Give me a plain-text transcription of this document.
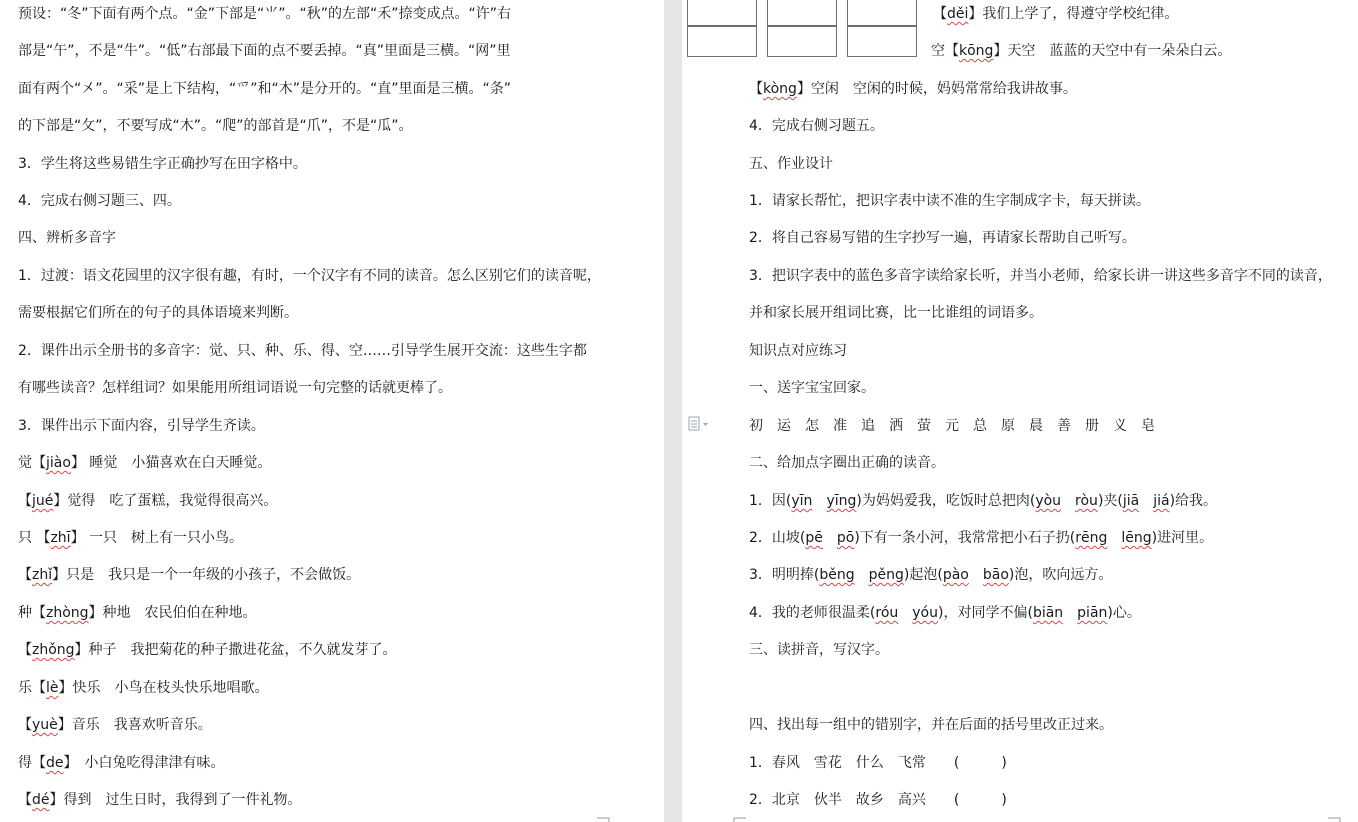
预设：“冬”下面有两个点。“金”下部是“⺌”。“秋”的左部“禾”捺变成点。“许”右
部是“午”，不是“牛”。“低”右部最下面的点不要丢掉。“真”里面是三横。“网”里
面有两个“㐅”。“采”是上下结构，“爫”和“木”是分开的。“直”里面是三横。“条”
的下部是“⺙”，不要写成“木”。“爬”的部首是“爪”，不是“瓜”。
3．学生将这些易错生字正确抄写在田字格中。
4．完成右侧习题三、四。
四、辨析多音字
1．过渡：语文花园里的汉字很有趣，有时，一个汉字有不同的读音。怎么区别它们的读音呢，
需要根据它们所在的句子的具体语境来判断。
2．课件出示全册书的多音字：觉、只、种、乐、得、空……引导学生展开交流：这些生字都
有哪些读音？怎样组词？如果能用所组词语说一句完整的话就更棒了。
3．课件出示下面内容，引导学生齐读。
觉【jiào】 睡觉　小猫喜欢在白天睡觉。
【jué】觉得　吃了蛋糕，我觉得很高兴。
只 【zhī】 一只　树上有一只小鸟。
【zhǐ】只是　我只是一个一年级的小孩子，不会做饭。
种【zhòng】种地　农民伯伯在种地。
【zhǒng】种子　我把菊花的种子撒进花盆，不久就发芽了。
乐【lè】快乐　小鸟在枝头快乐地唱歌。
【yuè】音乐　我喜欢听音乐。
得【de】　小白兔吃得津津有味。
【dé】得到　过生日时，我得到了一件礼物。
【děi】我们上学了，得遵守学校纪律。
空【kōng】天空　蓝蓝的天空中有一朵朵白云。
【kòng】空闲　空闲的时候，妈妈常常给我讲故事。
4．完成右侧习题五。
五、作业设计
1．请家长帮忙，把识字表中读不准的生字制成字卡，每天拼读。
2．将自己容易写错的生字抄写一遍，再请家长帮助自己听写。
3．把识字表中的蓝色多音字读给家长听，并当小老师，给家长讲一讲这些多音字不同的读音，
并和家长展开组词比赛，比一比谁组的词语多。
知识点对应练习
一、送字宝宝回家。
初　运　怎　准　追　洒　萤　元　总　原　晨　善　册　义　皂
二、给加点字圈出正确的读音。
1．因(yīn　 yīng)为妈妈爱我，吃饭时总把肉(yòu　 ròu)夹(jiā　 jiá)给我。
2．山坡(pē　 pō)下有一条小河，我常常把小石子扔(rēng　 lēng)进河里。
3．明明捧(běng　 pěng)起泡(pào　 bāo)泡，吹向远方。
4．我的老师很温柔(róu　 yóu)，对同学不偏(biān　 piān)心。
三、读拼音，写汉字。
四、找出每一组中的错别字，并在后面的括号里改正过来。
1．春风　雪花　什么　飞常　　(　　　)
2．北京　伙半　故乡　高兴　　(　　　)
